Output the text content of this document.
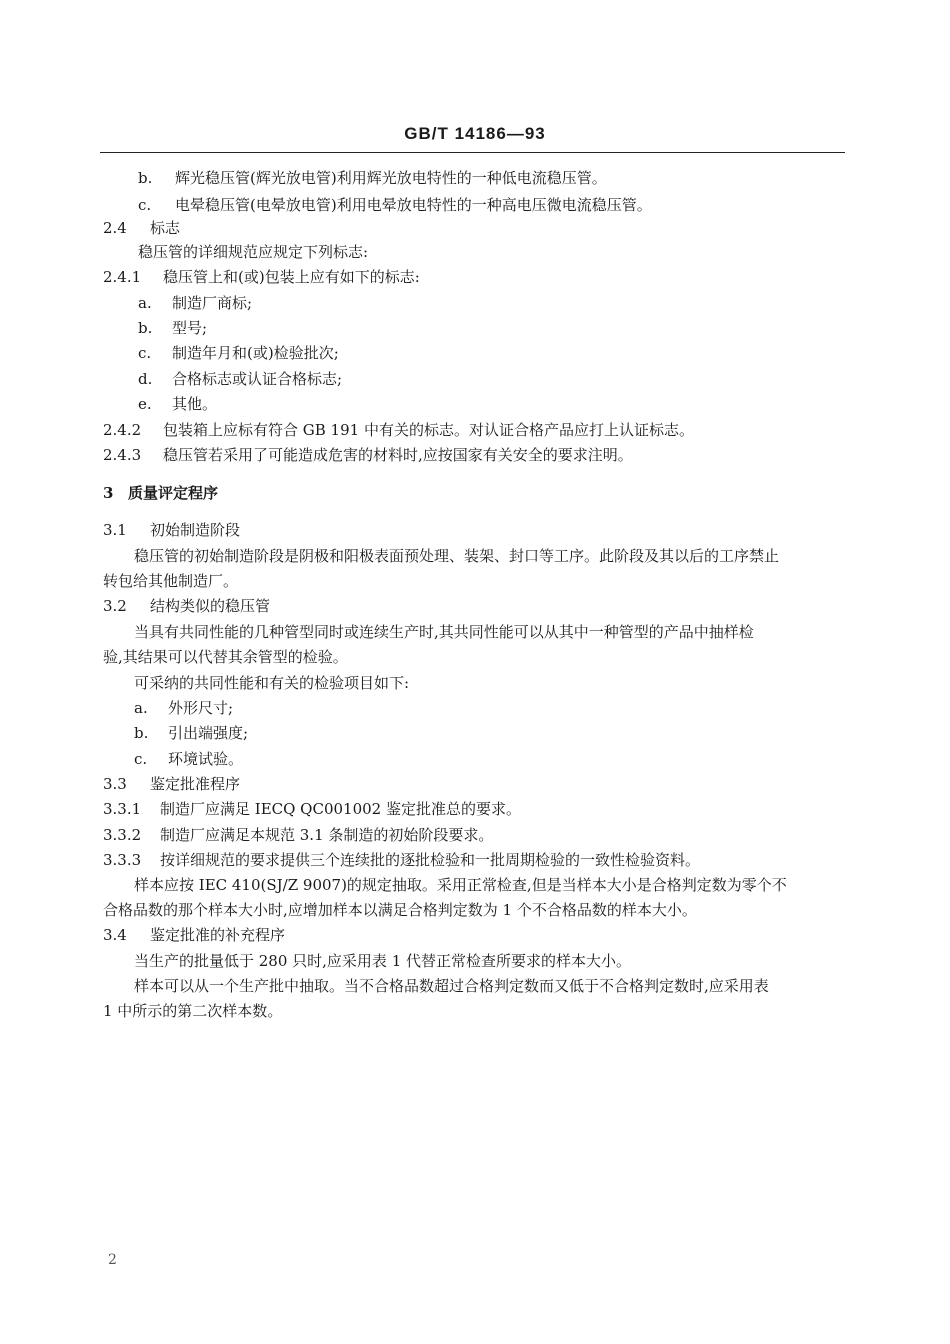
GB/T 14186—93
b. 辉光稳压管(辉光放电管)利用辉光放电特性的一种低电流稳压管。
c. 电晕稳压管(电晕放电管)利用电晕放电特性的一种高电压微电流稳压管。
2.4 标志
稳压管的详细规范应规定下列标志:
2.4.1 稳压管上和(或)包装上应有如下的标志:
a. 制造厂商标;
b. 型号;
c. 制造年月和(或)检验批次;
d. 合格标志或认证合格标志;
e. 其他。
2.4.2 包装箱上应标有符合 GB 191 中有关的标志。对认证合格产品应打上认证标志。
2.4.3 稳压管若采用了可能造成危害的材料时,应按国家有关安全的要求注明。
3 质量评定程序
3.1 初始制造阶段
稳压管的初始制造阶段是阴极和阳极表面预处理、装架、封口等工序。此阶段及其以后的工序禁止
转包给其他制造厂。
3.2 结构类似的稳压管
当具有共同性能的几种管型同时或连续生产时,其共同性能可以从其中一种管型的产品中抽样检
验,其结果可以代替其余管型的检验。
可采纳的共同性能和有关的检验项目如下:
a. 外形尺寸;
b. 引出端强度;
c. 环境试验。
3.3 鉴定批准程序
3.3.1 制造厂应满足 IECQ QC001002 鉴定批准总的要求。
3.3.2 制造厂应满足本规范 3.1 条制造的初始阶段要求。
3.3.3 按详细规范的要求提供三个连续批的逐批检验和一批周期检验的一致性检验资料。
样本应按 IEC 410(SJ/Z 9007)的规定抽取。采用正常检查,但是当样本大小是合格判定数为零个不
合格品数的那个样本大小时,应增加样本以满足合格判定数为 1 个不合格品数的样本大小。
3.4 鉴定批准的补充程序
当生产的批量低于 280 只时,应采用表 1 代替正常检查所要求的样本大小。
样本可以从一个生产批中抽取。当不合格品数超过合格判定数而又低于不合格判定数时,应采用表
1 中所示的第二次样本数。
2
